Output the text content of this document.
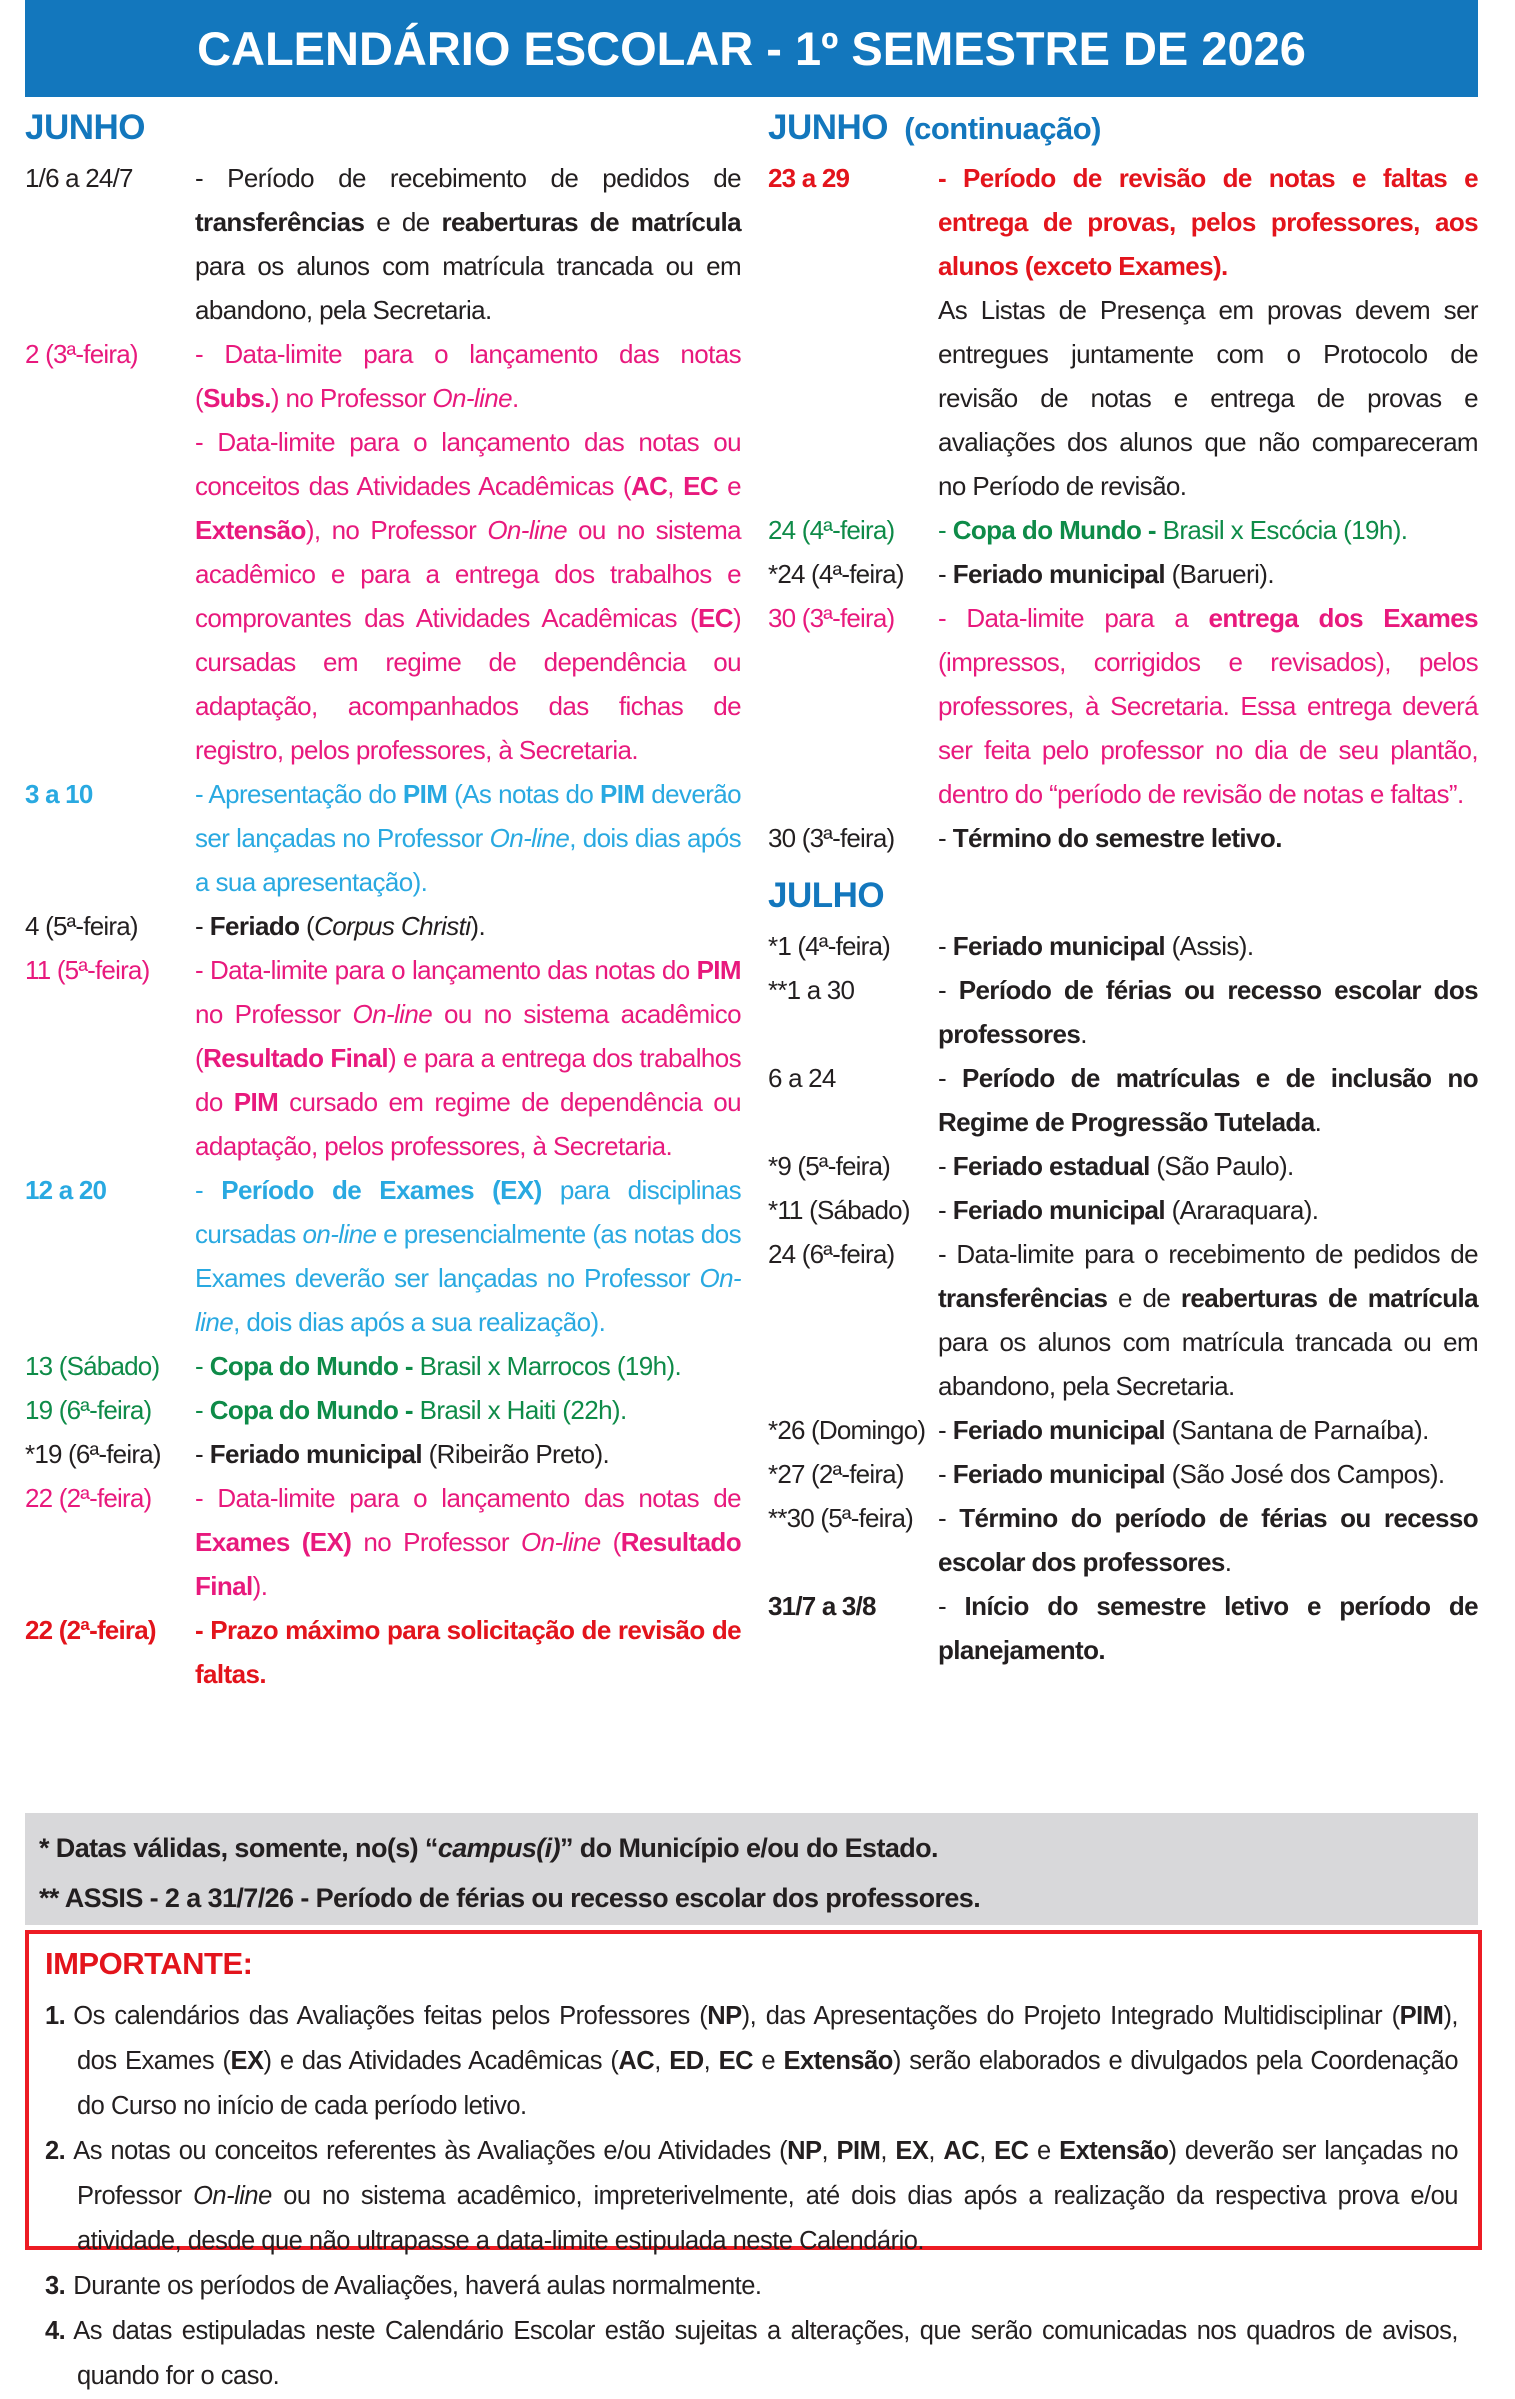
CALENDÁRIO ESCOLAR - 1º SEMESTRE DE 2026
JUNHO
1/6 a 24/7	- Período de recebimento de pedidos de transferências e de reaberturas de matrícula para os alunos com matrícula trancada ou em abandono, pela Secretaria.
2 (3ª-feira)	- Data-limite para o lançamento das notas (Subs.) no Professor On-line.
- Data-limite para o lançamento das notas ou conceitos das Atividades Acadêmicas (AC, EC e Extensão), no Professor On-line ou no sistema acadêmico e para a entrega dos trabalhos e comprovantes das Atividades Acadêmicas (EC) cursadas em regime de dependência ou adaptação, acompanhados das fichas de registro, pelos professores, à Secretaria.
3 a 10	- Apresentação do PIM (As notas do PIM deverão ser lançadas no Professor On-line, dois dias após a sua apresentação).
4 (5ª-feira)	- Feriado (Corpus Christi).
11 (5ª-feira)	- Data-limite para o lançamento das notas do PIM no Professor On-line ou no sistema acadêmico (Resultado Final) e para a entrega dos trabalhos do PIM cursado em regime de dependência ou adaptação, pelos professores, à Secretaria.
12 a 20	- Período de Exames (EX) para disciplinas cursadas on-line e presencialmente (as notas dos Exames deverão ser lançadas no Professor On-line, dois dias após a sua realização).
13 (Sábado)	- Copa do Mundo - Brasil x Marrocos (19h).
19 (6ª-feira)	- Copa do Mundo - Brasil x Haiti (22h).
*19 (6ª-feira)	- Feriado municipal (Ribeirão Preto).
22 (2ª-feira)	- Data-limite para o lançamento das notas de Exames (EX) no Professor On-line (Resultado Final).
22 (2ª-feira)	- Prazo máximo para solicitação de revisão de faltas.
JUNHO  (continuação)
23 a 29	- Período de revisão de notas e faltas e entrega de provas, pelos professores, aos alunos (exceto Exames).
As Listas de Presença em provas devem ser entregues juntamente com o Protocolo de revisão de notas e entrega de provas e avaliações dos alunos que não compareceram no Período de revisão.
24 (4ª-feira)	- Copa do Mundo - Brasil x Escócia (19h).
*24 (4ª-feira)	- Feriado municipal (Barueri).
30 (3ª-feira)	- Data-limite para a entrega dos Exames (impressos, corrigidos e revisados), pelos professores, à Secretaria. Essa entrega deverá ser feita pelo professor no dia de seu plantão, dentro do “período de revisão de notas e faltas”.
30 (3ª-feira)	- Término do semestre letivo.
JULHO
*1 (4ª-feira)	- Feriado municipal (Assis).
**1 a 30	- Período de férias ou recesso escolar dos professores.
6 a 24	- Período de matrículas e de inclusão no Regime de Progressão Tutelada.
*9 (5ª-feira)	- Feriado estadual (São Paulo).
*11 (Sábado)	- Feriado municipal (Araraquara).
24 (6ª-feira)	- Data-limite para o recebimento de pedidos de transferências e de reaberturas de matrícula para os alunos com matrícula trancada ou em abandono, pela Secretaria.
*26 (Domingo) - Feriado municipal (Santana de Parnaíba).
*27 (2ª-feira)	- Feriado municipal (São José dos Campos).
**30 (5ª-feira) - Término do período de férias ou recesso escolar dos professores.
31/7 a 3/8	- Início do semestre letivo e período de planejamento.
* Datas válidas, somente, no(s) “campus(i)” do Município e/ou do Estado.
** ASSIS - 2 a 31/7/26 - Período de férias ou recesso escolar dos professores.
IMPORTANTE:
1. Os calendários das Avaliações feitas pelos Professores (NP), das Apresentações do Projeto Integrado Multidisciplinar (PIM), dos Exames (EX) e das Atividades Acadêmicas (AC, ED, EC e Extensão) serão elaborados e divulgados pela Coordenação do Curso no início de cada período letivo.
2. As notas ou conceitos referentes às Avaliações e/ou Atividades (NP, PIM, EX, AC, EC e Extensão) deverão ser lançadas no Professor On-line ou no sistema acadêmico, impreterivelmente, até dois dias após a realização da respectiva prova e/ou atividade, desde que não ultrapasse a data-limite estipulada neste Calendário.
3. Durante os períodos de Avaliações, haverá aulas normalmente.
4. As datas estipuladas neste Calendário Escolar estão sujeitas a alterações, que serão comunicadas nos quadros de avisos, quando for o caso.
